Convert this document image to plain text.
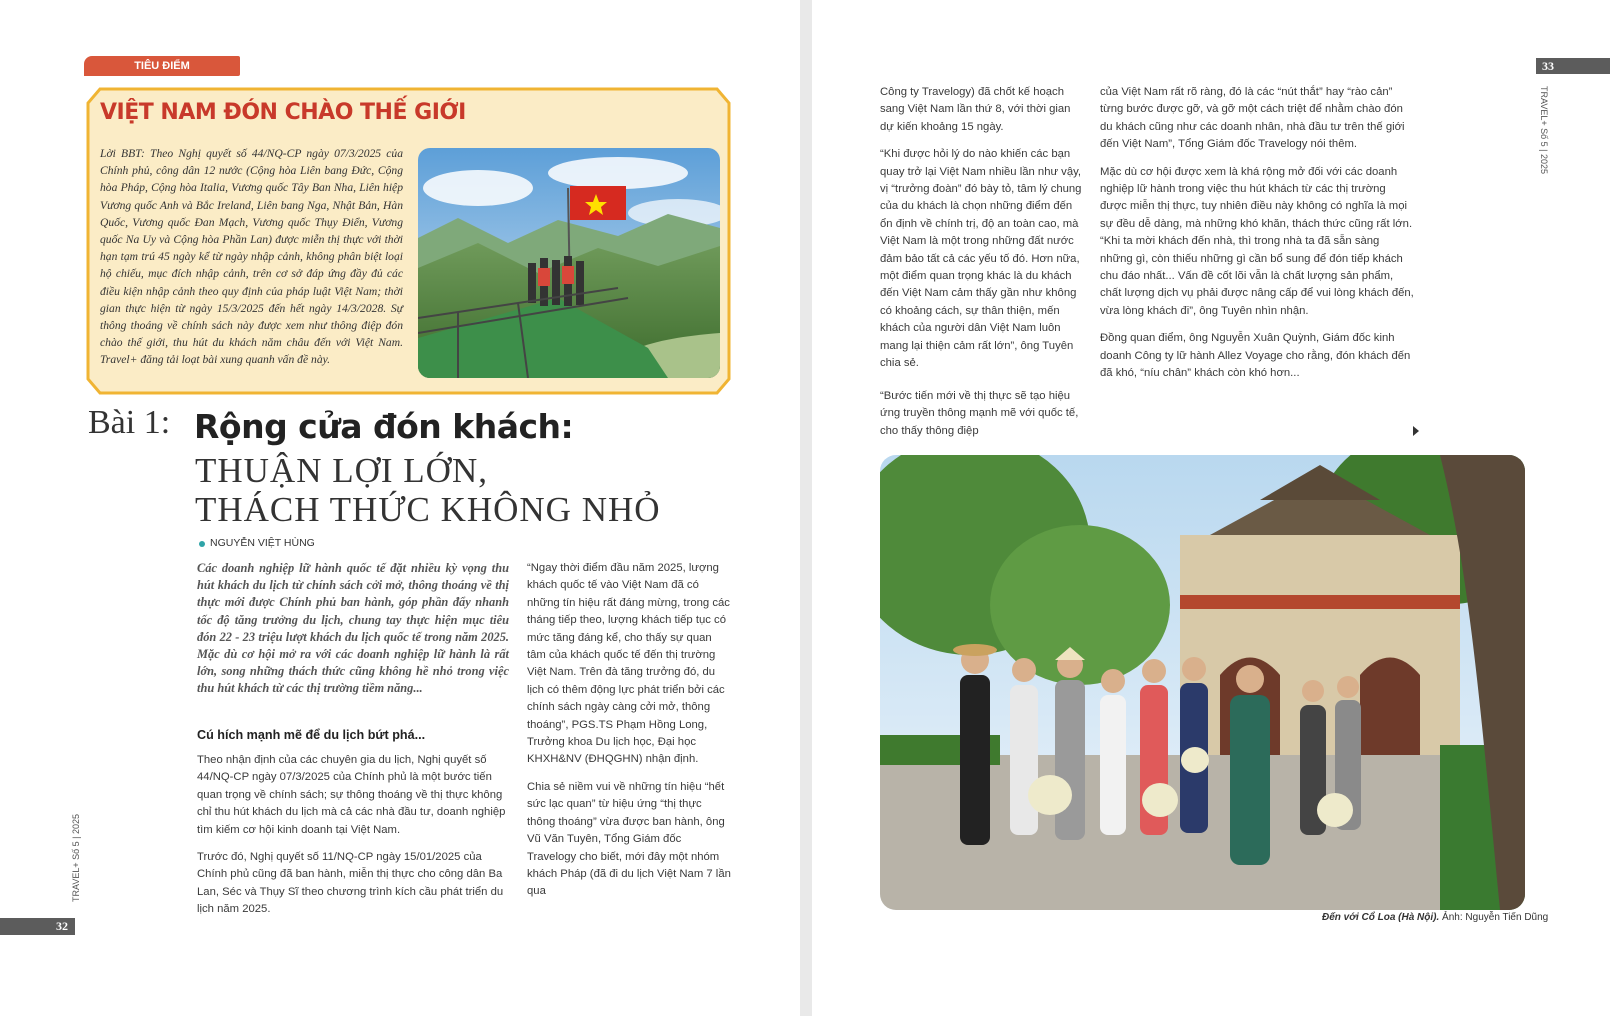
TIÊU ĐIỂM
VIỆT NAM ĐÓN CHÀO THẾ GIỚI
Lời BBT: Theo Nghị quyết số 44/NQ-CP ngày 07/3/2025 của Chính phủ, công dân 12 nước (Cộng hòa Liên bang Đức, Cộng hòa Pháp, Cộng hòa Italia, Vương quốc Tây Ban Nha, Liên hiệp Vương quốc Anh và Bắc Ireland, Liên bang Nga, Nhật Bản, Hàn Quốc, Vương quốc Đan Mạch, Vương quốc Thụy Điển, Vương quốc Na Uy và Cộng hòa Phần Lan) được miễn thị thực với thời hạn tạm trú 45 ngày kể từ ngày nhập cảnh, không phân biệt loại hộ chiếu, mục đích nhập cảnh, trên cơ sở đáp ứng đầy đủ các điều kiện nhập cảnh theo quy định của pháp luật Việt Nam; thời gian thực hiện từ ngày 15/3/2025 đến hết ngày 14/3/2028. Sự thông thoáng về chính sách này được xem như thông điệp đón chào thế giới, thu hút du khách năm châu đến với Việt Nam. Travel+ đăng tải loạt bài xung quanh vấn đề này.
Bài 1: Rộng cửa đón khách:
THUẬN LỢI LỚN,
THÁCH THỨC KHÔNG NHỎ
NGUYỄN VIỆT HÙNG
Các doanh nghiệp lữ hành quốc tế đặt nhiều kỳ vọng thu hút khách du lịch từ chính sách cởi mở, thông thoáng về thị thực mới được Chính phủ ban hành, góp phần đẩy nhanh tốc độ tăng trưởng du lịch, chung tay thực hiện mục tiêu đón 22 - 23 triệu lượt khách du lịch quốc tế trong năm 2025. Mặc dù cơ hội mở ra với các doanh nghiệp lữ hành là rất lớn, song những thách thức cũng không hề nhỏ trong việc thu hút khách từ các thị trường tiềm năng...
Cú hích mạnh mẽ để du lịch bứt phá...

Theo nhận định của các chuyên gia du lịch, Nghị quyết số 44/NQ-CP ngày 07/3/2025 của Chính phủ là một bước tiến quan trọng về chính sách; sự thông thoáng về thị thực không chỉ thu hút khách du lịch mà cả các nhà đầu tư, doanh nghiệp tìm kiếm cơ hội kinh doanh tại Việt Nam.

Trước đó, Nghị quyết số 11/NQ-CP ngày 15/01/2025 của Chính phủ cũng đã ban hành, miễn thị thực cho công dân Ba Lan, Séc và Thụy Sĩ theo chương trình kích cầu phát triển du lịch năm 2025.

“Ngay thời điểm đầu năm 2025, lượng khách quốc tế vào Việt Nam đã có những tín hiệu rất đáng mừng, trong các tháng tiếp theo, lượng khách tiếp tục có mức tăng đáng kể, cho thấy sự quan tâm của khách quốc tế đến thị trường Việt Nam. Trên đà tăng trưởng đó, du lịch có thêm động lực phát triển bởi các chính sách ngày càng cởi mở, thông thoáng”, PGS.TS Phạm Hồng Long, Trưởng khoa Du lịch học, Đại học KHXH&NV (ĐHQGHN) nhận định.

Chia sẻ niềm vui về những tín hiệu “hết sức lạc quan” từ hiệu ứng “thị thực thông thoáng” vừa được ban hành, ông Vũ Văn Tuyên, Tổng Giám đốc Travelogy cho biết, mới đây một nhóm khách Pháp (đã đi du lịch Việt Nam 7 lần qua

32
TRAVEL+ Số 5 | 2025

Công ty Travelogy) đã chốt kế hoạch sang Việt Nam lần thứ 8, với thời gian dự kiến khoảng 15 ngày.

“Khi được hỏi lý do nào khiến các bạn quay trở lại Việt Nam nhiều lần như vậy, vị “trưởng đoàn” đó bày tỏ, tâm lý chung của du khách là chọn những điểm đến ổn định về chính trị, độ an toàn cao, mà Việt Nam là một trong những đất nước đảm bảo tất cả các yếu tố đó. Hơn nữa, một điểm quan trọng khác là du khách đến Việt Nam cảm thấy gần như không có khoảng cách, sự thân thiện, mến khách của người dân Việt Nam luôn mang lại thiện cảm rất lớn”, ông Tuyên chia sẻ.

“Bước tiến mới về thị thực sẽ tạo hiệu ứng truyền thông mạnh mẽ với quốc tế, cho thấy thông điệp

của Việt Nam rất rõ ràng, đó là các “nút thắt” hay “rào cản” từng bước được gỡ, và gỡ một cách triệt để nhằm chào đón du khách cũng như các doanh nhân, nhà đầu tư trên thế giới đến Việt Nam”, Tổng Giám đốc Travelogy nói thêm.

Mặc dù cơ hội được xem là khá rộng mở đối với các doanh nghiệp lữ hành trong việc thu hút khách từ các thị trường được miễn thị thực, tuy nhiên điều này không có nghĩa là mọi sự đều dễ dàng, mà những khó khăn, thách thức cũng rất lớn. “Khi ta mời khách đến nhà, thì trong nhà ta đã sẵn sàng những gì, còn thiếu những gì cần bổ sung để đón tiếp khách chu đáo nhất... Vấn đề cốt lõi vẫn là chất lượng sản phẩm, chất lượng dịch vụ phải được nâng cấp để vui lòng khách đến, vừa lòng khách đi”, ông Tuyên nhìn nhận.

Đồng quan điểm, ông Nguyễn Xuân Quỳnh, Giám đốc kinh doanh Công ty lữ hành Allez Voyage cho rằng, đón khách đến đã khó, “níu chân” khách còn khó hơn...

Đến với Cổ Loa (Hà Nội). Ảnh: Nguyễn Tiến Dũng
33
TRAVEL+ Số 5 | 2025
